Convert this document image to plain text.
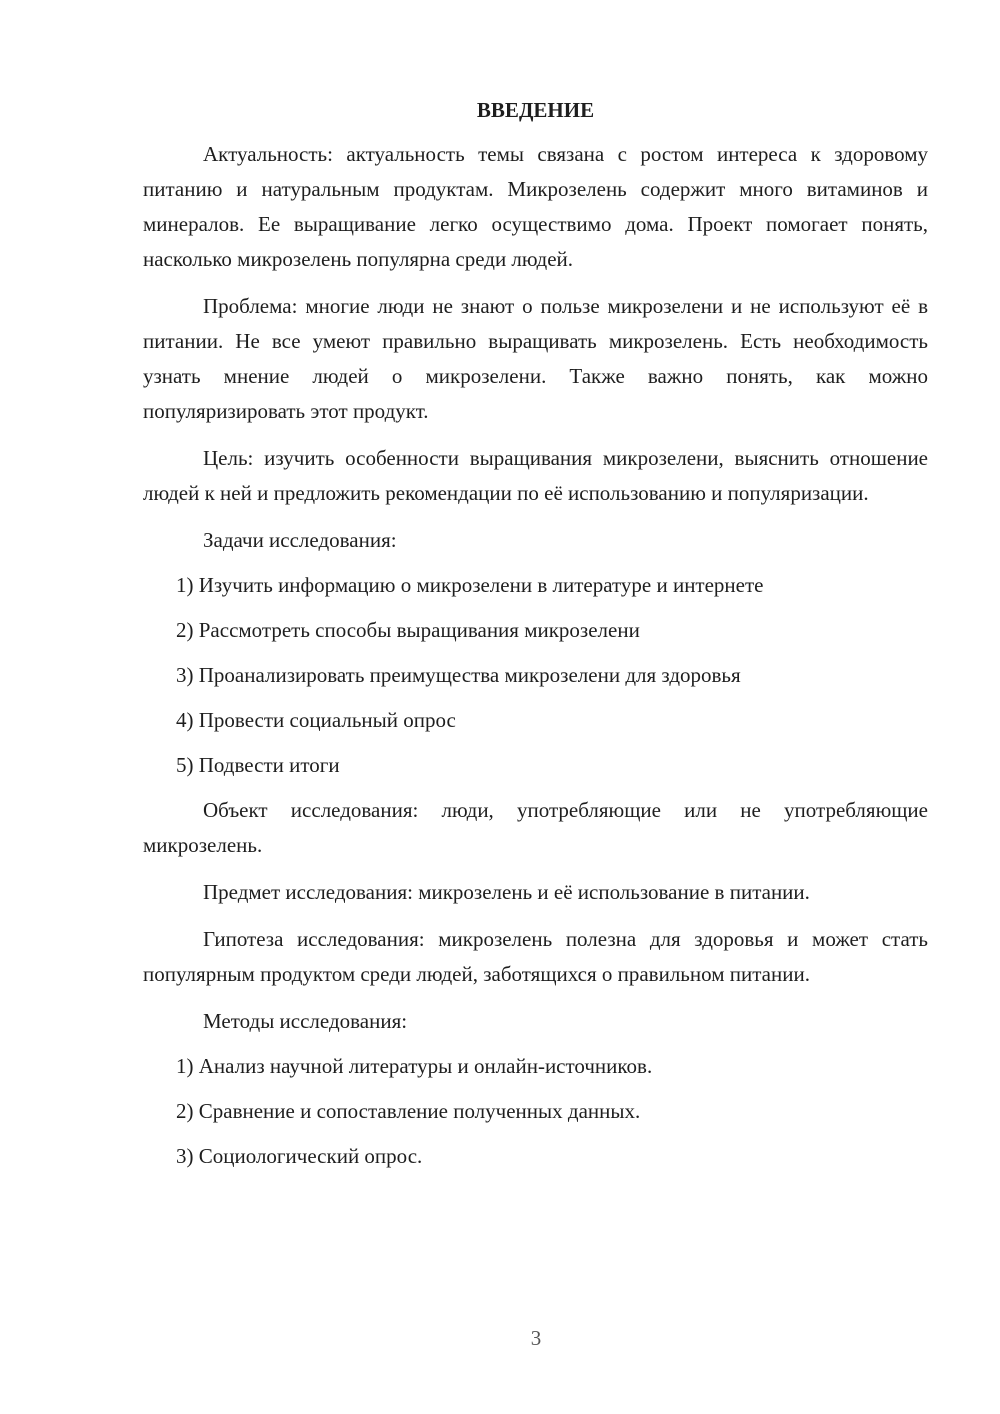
ВВЕДЕНИЕ

Актуальность: актуальность темы связана с ростом интереса к здоровому питанию и натуральным продуктам. Микрозелень содержит много витаминов и минералов. Ее выращивание легко осуществимо дома. Проект помогает понять, насколько микрозелень популярна среди людей.

Проблема: многие люди не знают о пользе микрозелени и не используют её в питании. Не все умеют правильно выращивать микрозелень. Есть необходимость узнать мнение людей о микрозелени. Также важно понять, как можно популяризировать этот продукт.

Цель: изучить особенности выращивания микрозелени, выяснить отношение людей к ней и предложить рекомендации по её использованию и популяризации.

Задачи исследования:
1) Изучить информацию о микрозелени в литературе и интернете
2) Рассмотреть способы выращивания микрозелени
3) Проанализировать преимущества микрозелени для здоровья
4) Провести социальный опрос
5) Подвести итоги

Объект исследования: люди, употребляющие или не употребляющие микрозелень.

Предмет исследования: микрозелень и её использование в питании.

Гипотеза исследования: микрозелень полезна для здоровья и может стать популярным продуктом среди людей, заботящихся о правильном питании.

Методы исследования:
1) Анализ научной литературы и онлайн-источников.
2) Сравнение и сопоставление полученных данных.
3) Социологический опрос.
3
